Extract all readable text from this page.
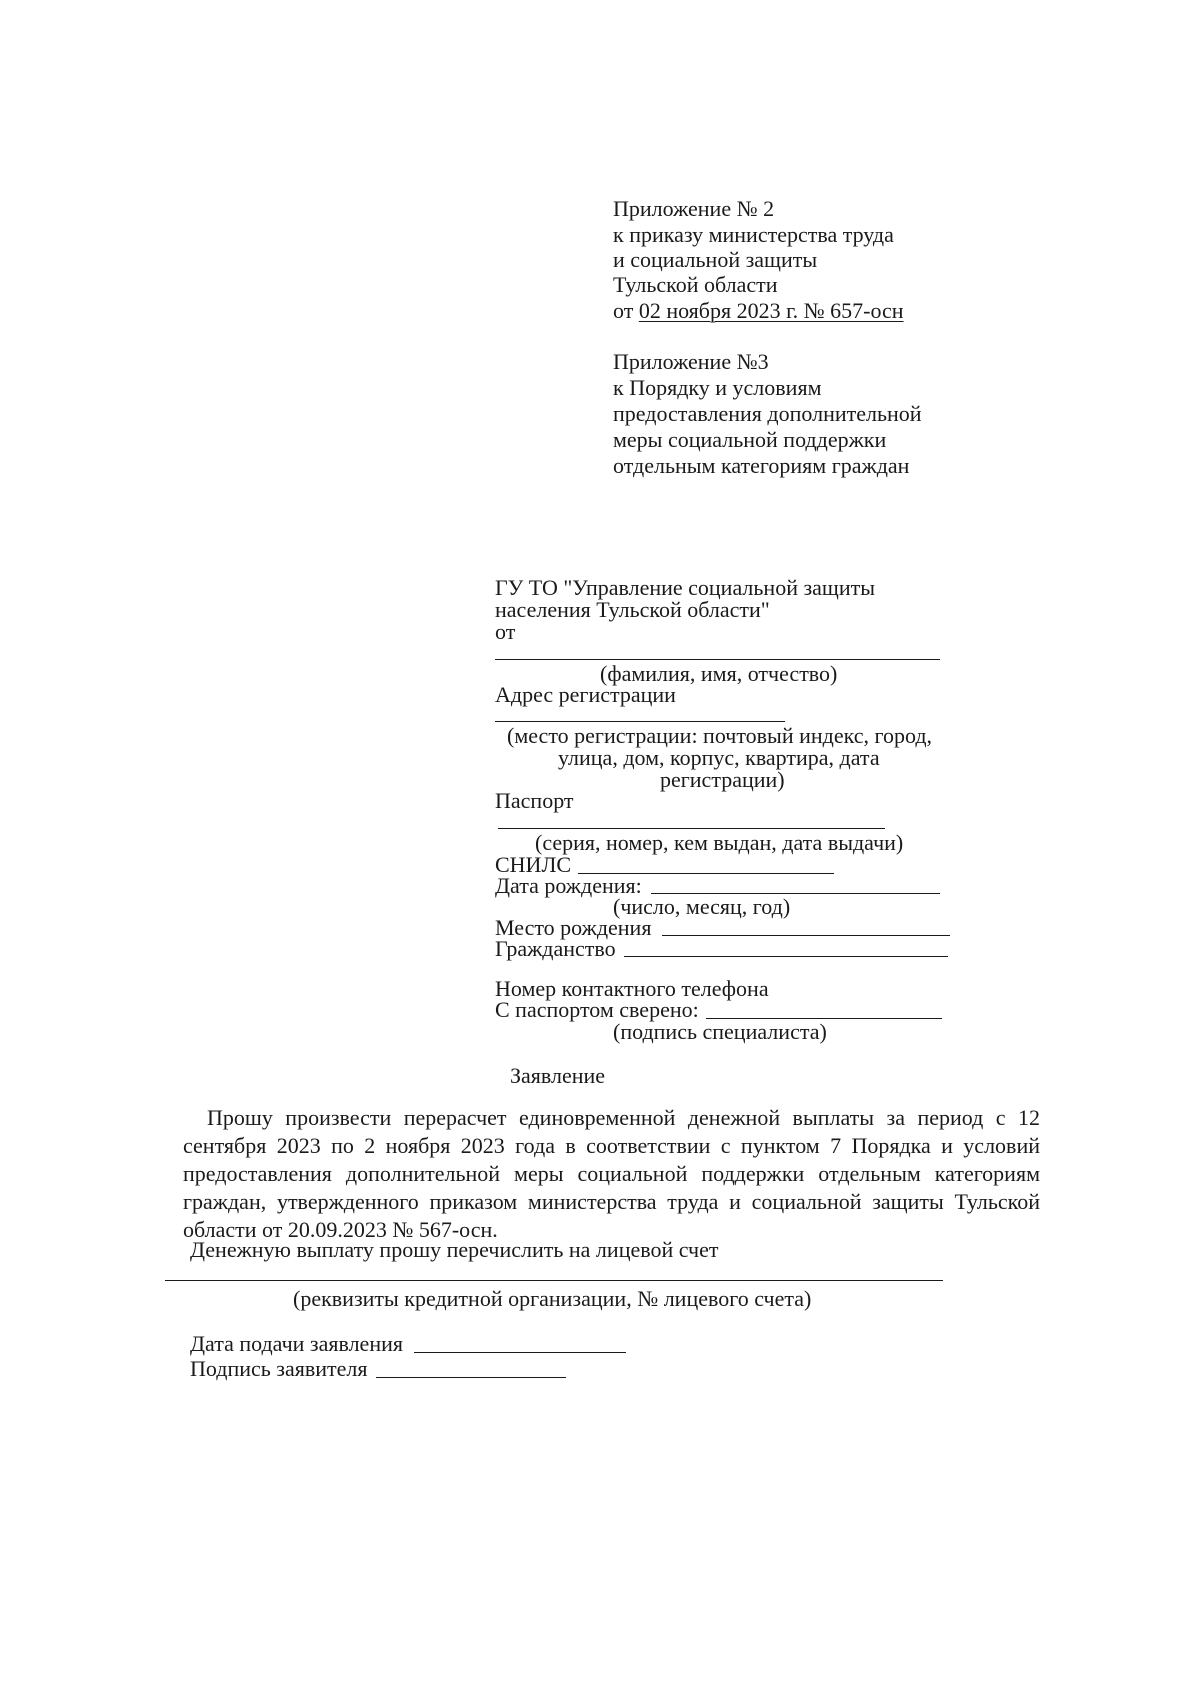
Приложение № 2

к приказу министерства труда

и социальной защиты

Тульской области

от 02 ноября 2023 г. № 657-осн

Приложение №3

к Порядку и условиям

предоставления дополнительной

меры социальной поддержки

отдельным категориям граждан

ГУ ТО "Управление социальной защиты

населения Тульской области"

от

(фамилия, имя, отчество)

Адрес регистрации

(место регистрации: почтовый индекс, город,

улица, дом, корпус, квартира, дата

регистрации)

Паспорт

(серия, номер, кем выдан, дата выдачи)

СНИЛС

Дата рождения:

(число, месяц, год)

Место рождения

Гражданство

Номер контактного телефона

С паспортом сверено:

(подпись специалиста)

Заявление

Прошу произвести перерасчет единовременной денежной выплаты за период с 12 сентября 2023 по 2 ноября 2023 года в соответствии с пунктом 7 Порядка и условий предоставления дополнительной меры социальной поддержки отдельным категориям граждан, утвержденного приказом министерства труда и социальной защиты Тульской области от 20.09.2023 № 567-осн.

Денежную выплату прошу перечислить на лицевой счет

(реквизиты кредитной организации, № лицевого счета)

Дата подачи заявления

Подпись заявителя
